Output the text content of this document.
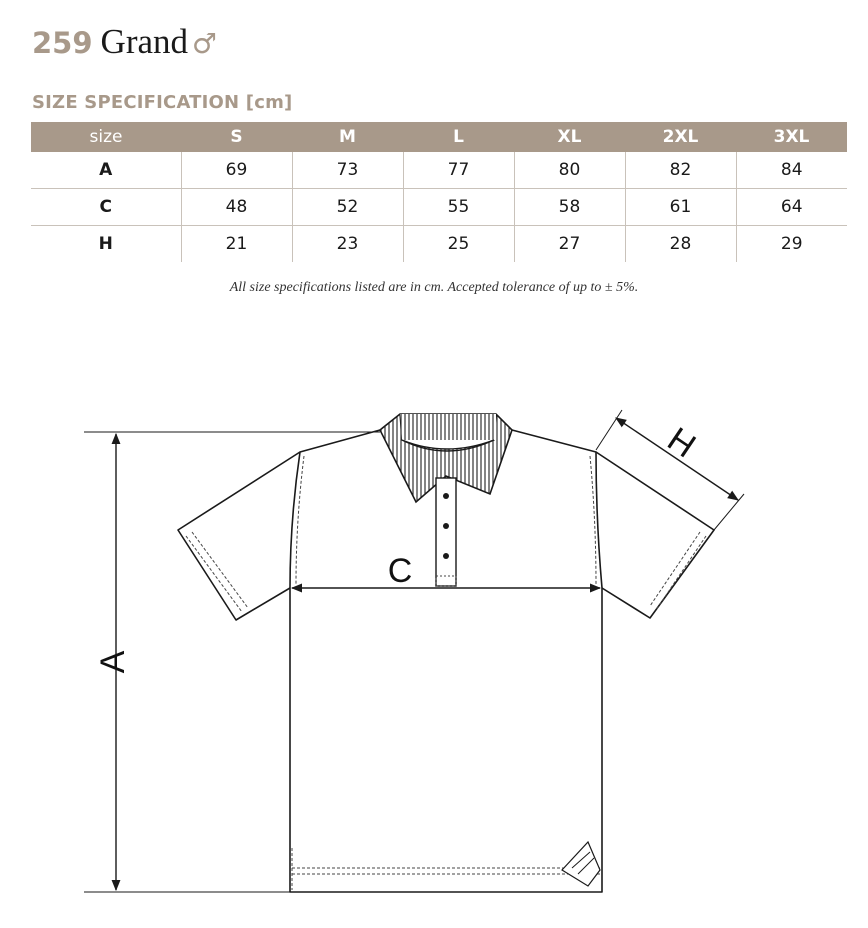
259 Grand ♂
SIZE SPECIFICATION [cm]
size	S	M	L	XL	2XL	3XL
A	69	73	77	80	82	84
C	48	52	55	58	61	64
H	21	23	25	27	28	29
All size specifications listed are in cm. Accepted tolerance of up to ± 5%.
A
C
H
